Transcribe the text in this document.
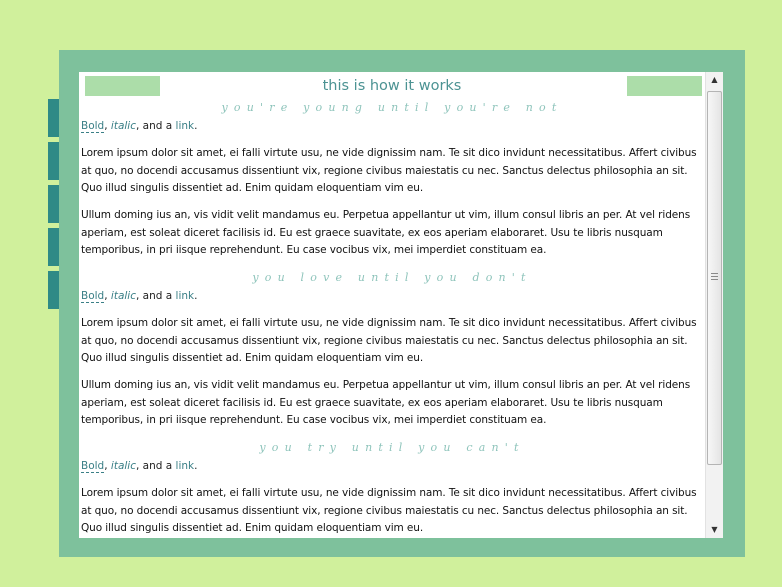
this is how it works
you're young until you're not
Bold, italic, and a link.
Lorem ipsum dolor sit amet, ei falli virtute usu, ne vide dignissim nam. Te sit dico invidunt necessitatibus. Affert civibus at quo, no docendi accusamus dissentiunt vix, regione civibus maiestatis cu nec. Sanctus delectus philosophia an sit. Quo illud singulis dissentiet ad. Enim quidam eloquentiam vim eu.
Ullum doming ius an, vis vidit velit mandamus eu. Perpetua appellantur ut vim, illum consul libris an per. At vel ridens aperiam, est soleat diceret facilisis id. Eu est graece suavitate, ex eos aperiam elaboraret. Usu te libris nusquam temporibus, in pri iisque reprehendunt. Eu case vocibus vix, mei imperdiet constituam ea.
you love until you don't
Bold, italic, and a link.
Lorem ipsum dolor sit amet, ei falli virtute usu, ne vide dignissim nam. Te sit dico invidunt necessitatibus. Affert civibus at quo, no docendi accusamus dissentiunt vix, regione civibus maiestatis cu nec. Sanctus delectus philosophia an sit. Quo illud singulis dissentiet ad. Enim quidam eloquentiam vim eu.
Ullum doming ius an, vis vidit velit mandamus eu. Perpetua appellantur ut vim, illum consul libris an per. At vel ridens aperiam, est soleat diceret facilisis id. Eu est graece suavitate, ex eos aperiam elaboraret. Usu te libris nusquam temporibus, in pri iisque reprehendunt. Eu case vocibus vix, mei imperdiet constituam ea.
you try until you can't
Bold, italic, and a link.
Lorem ipsum dolor sit amet, ei falli virtute usu, ne vide dignissim nam. Te sit dico invidunt necessitatibus. Affert civibus at quo, no docendi accusamus dissentiunt vix, regione civibus maiestatis cu nec. Sanctus delectus philosophia an sit. Quo illud singulis dissentiet ad. Enim quidam eloquentiam vim eu.
▲
▼
